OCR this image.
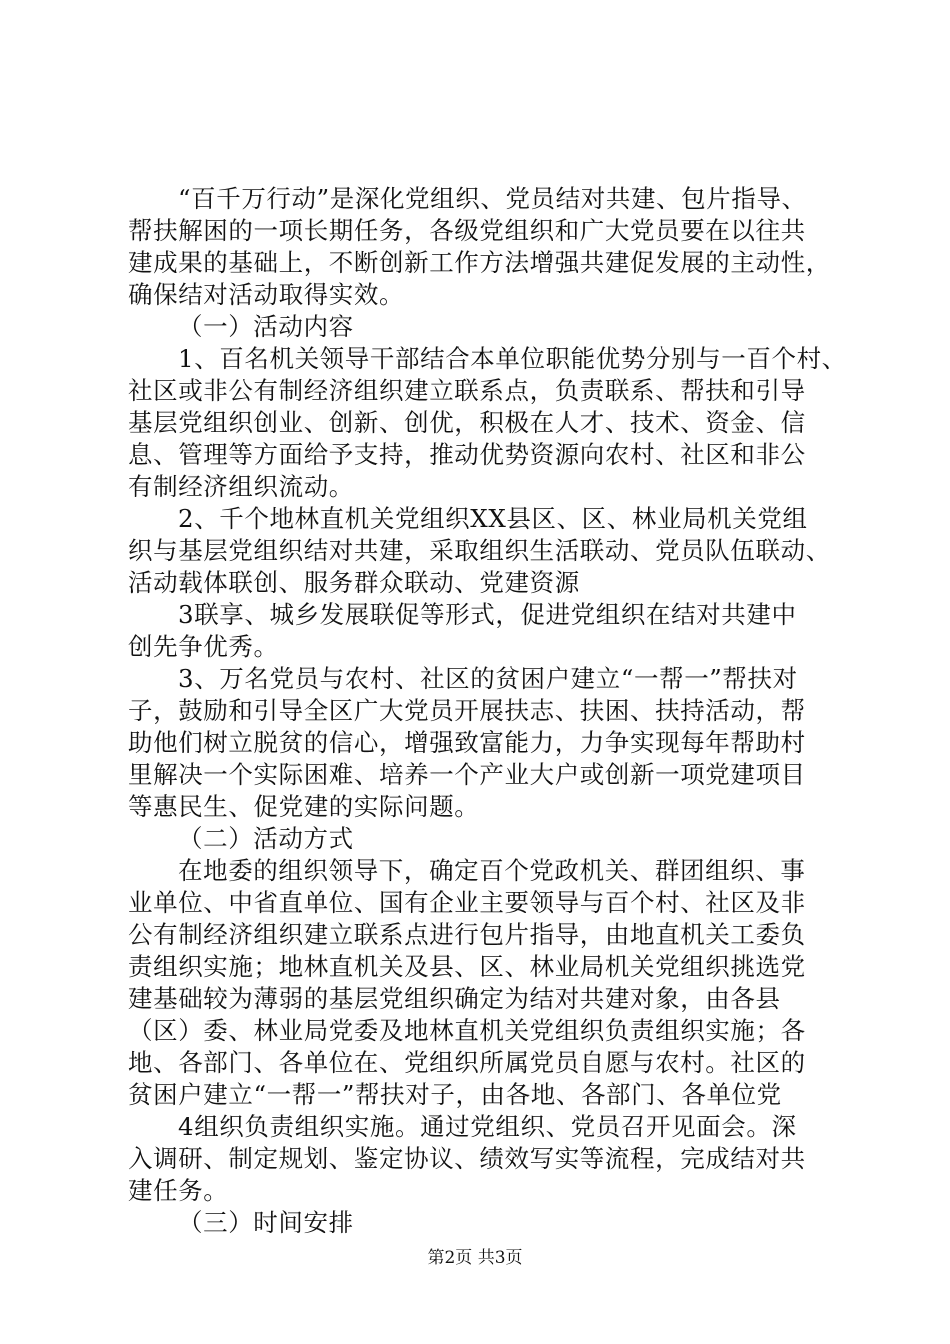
“百千万行动”是深化党组织、党员结对共建、包片指导、
帮扶解困的一项长期任务，各级党组织和广大党员要在以往共
建成果的基础上，不断创新工作方法增强共建促发展的主动性，
确保结对活动取得实效。
（一）活动内容
1、百名机关领导干部结合本单位职能优势分别与一百个村、
社区或非公有制经济组织建立联系点，负责联系、帮扶和引导
基层党组织创业、创新、创优，积极在人才、技术、资金、信
息、管理等方面给予支持，推动优势资源向农村、社区和非公
有制经济组织流动。
2、千个地林直机关党组织XX县区、区、林业局机关党组
织与基层党组织结对共建，采取组织生活联动、党员队伍联动、
活动载体联创、服务群众联动、党建资源
3联享、城乡发展联促等形式，促进党组织在结对共建中
创先争优秀。
3、万名党员与农村、社区的贫困户建立“一帮一”帮扶对
子，鼓励和引导全区广大党员开展扶志、扶困、扶持活动，帮
助他们树立脱贫的信心，增强致富能力，力争实现每年帮助村
里解决一个实际困难、培养一个产业大户或创新一项党建项目
等惠民生、促党建的实际问题。
（二）活动方式
在地委的组织领导下，确定百个党政机关、群团组织、事
业单位、中省直单位、国有企业主要领导与百个村、社区及非
公有制经济组织建立联系点进行包片指导，由地直机关工委负
责组织实施；地林直机关及县、区、林业局机关党组织挑选党
建基础较为薄弱的基层党组织确定为结对共建对象，由各县
（区）委、林业局党委及地林直机关党组织负责组织实施；各
地、各部门、各单位在、党组织所属党员自愿与农村。社区的
贫困户建立“一帮一”帮扶对子，由各地、各部门、各单位党
4组织负责组织实施。通过党组织、党员召开见面会。深
入调研、制定规划、鉴定协议、绩效写实等流程，完成结对共
建任务。
（三）时间安排
第2页 共3页
